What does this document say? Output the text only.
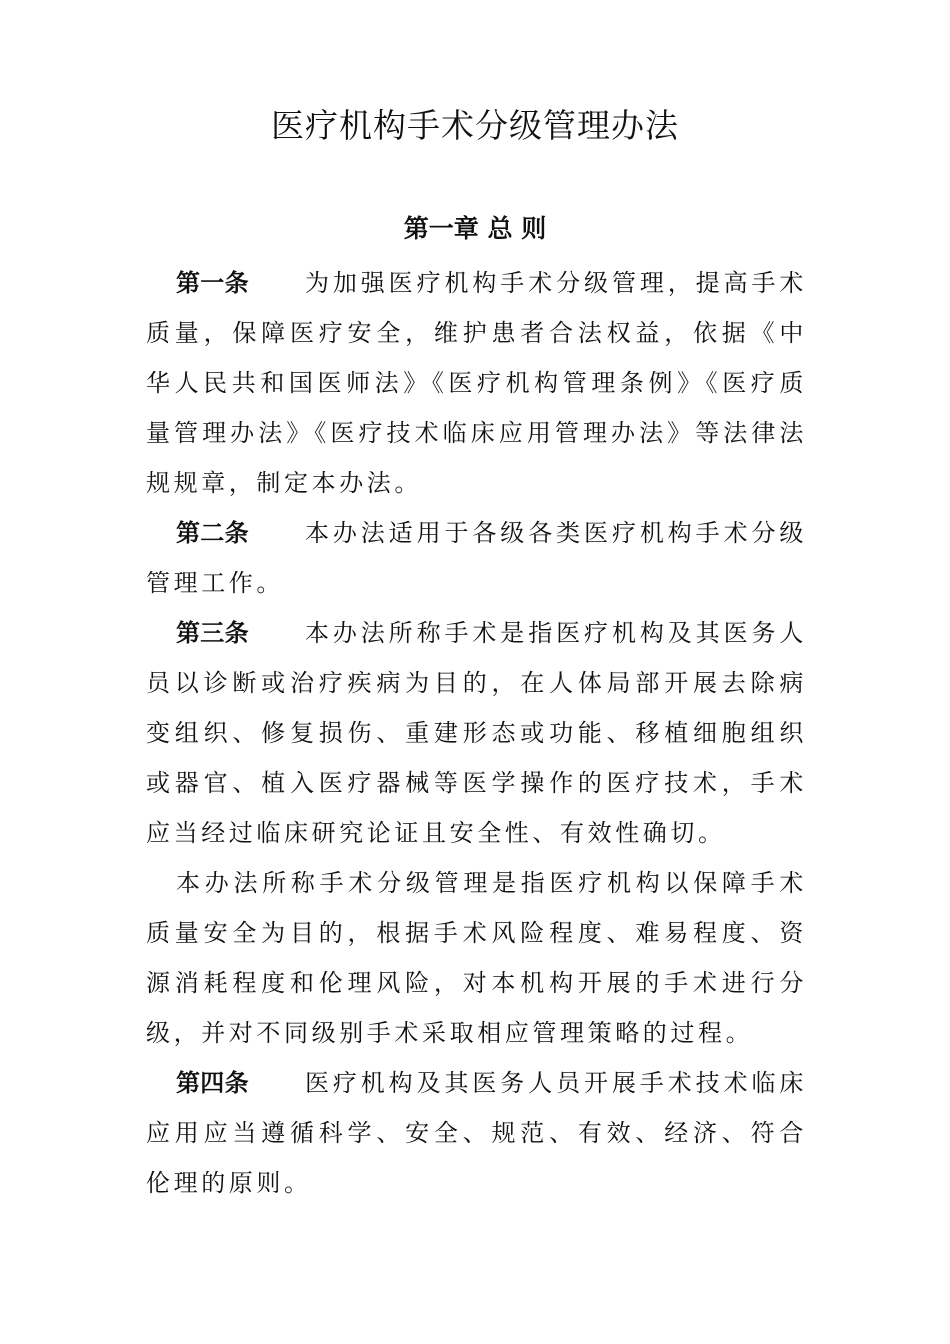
医疗机构手术分级管理办法
第一章 总 则

第一条 为加强医疗机构手术分级管理，提高手术质量，保障医疗安全，维护患者合法权益，依据《中华人民共和国医师法》《医疗机构管理条例》《医疗质量管理办法》《医疗技术临床应用管理办法》等法律法规规章，制定本办法。

第二条 本办法适用于各级各类医疗机构手术分级管理工作。

第三条 本办法所称手术是指医疗机构及其医务人员以诊断或治疗疾病为目的，在人体局部开展去除病变组织、修复损伤、重建形态或功能、移植细胞组织或器官、植入医疗器械等医学操作的医疗技术，手术应当经过临床研究论证且安全性、有效性确切。

本办法所称手术分级管理是指医疗机构以保障手术质量安全为目的，根据手术风险程度、难易程度、资源消耗程度和伦理风险，对本机构开展的手术进行分级，并对不同级别手术采取相应管理策略的过程。

第四条 医疗机构及其医务人员开展手术技术临床应用应当遵循科学、安全、规范、有效、经济、符合伦理的原则。
